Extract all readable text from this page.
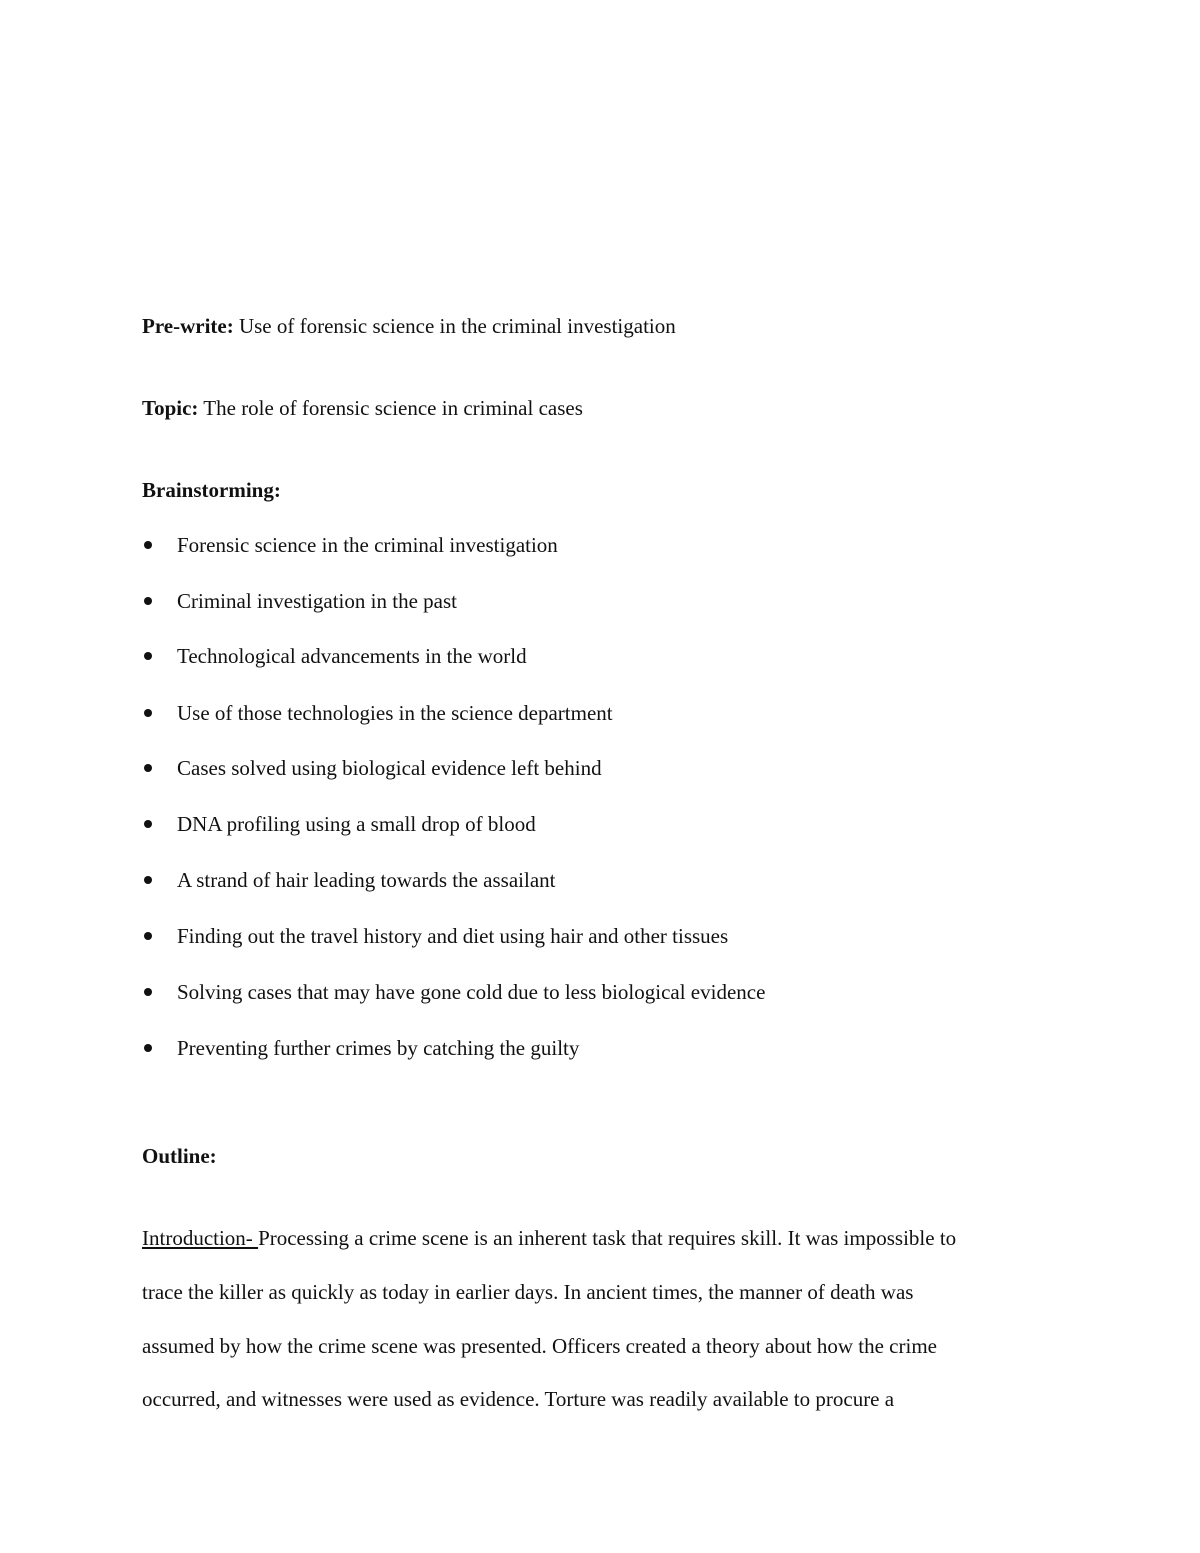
Pre-write: Use of forensic science in the criminal investigation
Topic: The role of forensic science in criminal cases
Brainstorming:
Forensic science in the criminal investigation
Criminal investigation in the past
Technological advancements in the world
Use of those technologies in the science department
Cases solved using biological evidence left behind
DNA profiling using a small drop of blood
A strand of hair leading towards the assailant
Finding out the travel history and diet using hair and other tissues
Solving cases that may have gone cold due to less biological evidence
Preventing further crimes by catching the guilty
Outline:
Introduction- Processing a crime scene is an inherent task that requires skill. It was impossible to
trace the killer as quickly as today in earlier days. In ancient times, the manner of death was
assumed by how the crime scene was presented. Officers created a theory about how the crime
occurred, and witnesses were used as evidence. Torture was readily available to procure a
